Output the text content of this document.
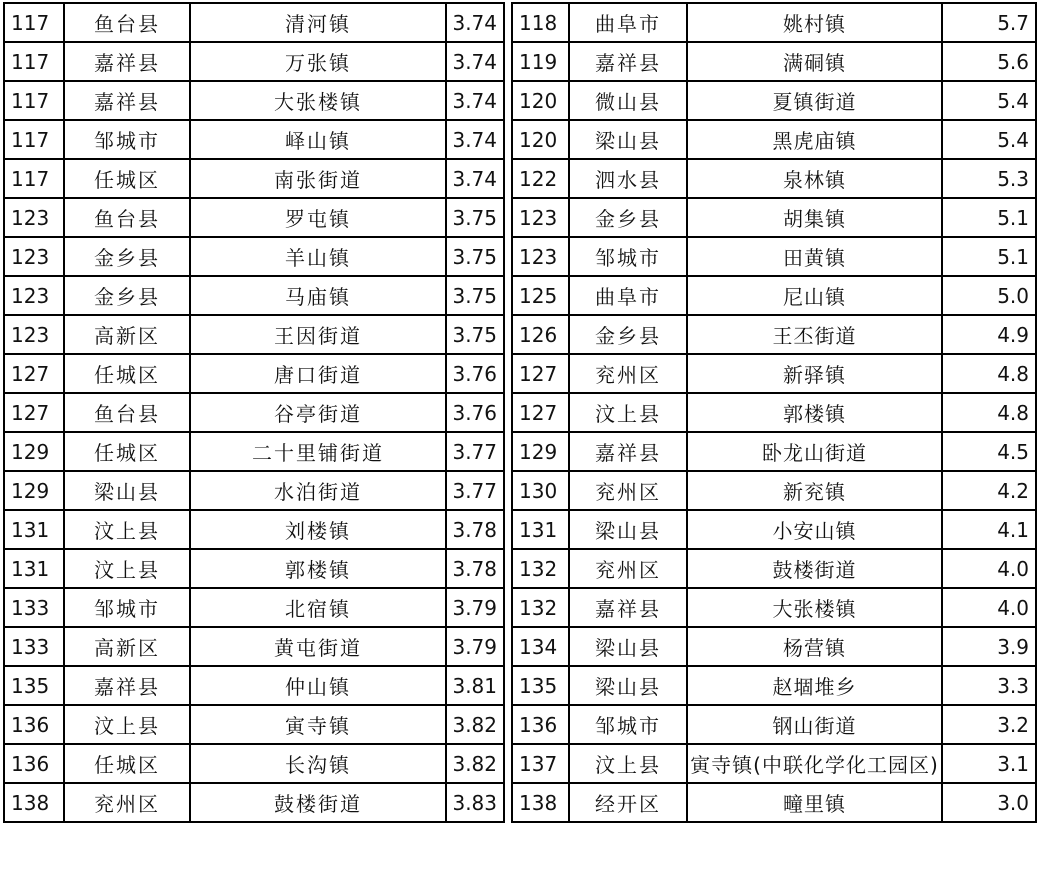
117	鱼台县	清河镇	3.74
117	嘉祥县	万张镇	3.74
117	嘉祥县	大张楼镇	3.74
117	邹城市	峄山镇	3.74
117	任城区	南张街道	3.74
123	鱼台县	罗屯镇	3.75
123	金乡县	羊山镇	3.75
123	金乡县	马庙镇	3.75
123	高新区	王因街道	3.75
127	任城区	唐口街道	3.76
127	鱼台县	谷亭街道	3.76
129	任城区	二十里铺街道	3.77
129	梁山县	水泊街道	3.77
131	汶上县	刘楼镇	3.78
131	汶上县	郭楼镇	3.78
133	邹城市	北宿镇	3.79
133	高新区	黄屯街道	3.79
135	嘉祥县	仲山镇	3.81
136	汶上县	寅寺镇	3.82
136	任城区	长沟镇	3.82
138	兖州区	鼓楼街道	3.83
118	曲阜市	姚村镇	5.7
119	嘉祥县	满硐镇	5.6
120	微山县	夏镇街道	5.4
120	梁山县	黑虎庙镇	5.4
122	泗水县	泉林镇	5.3
123	金乡县	胡集镇	5.1
123	邹城市	田黄镇	5.1
125	曲阜市	尼山镇	5.0
126	金乡县	王丕街道	4.9
127	兖州区	新驿镇	4.8
127	汶上县	郭楼镇	4.8
129	嘉祥县	卧龙山街道	4.5
130	兖州区	新兖镇	4.2
131	梁山县	小安山镇	4.1
132	兖州区	鼓楼街道	4.0
132	嘉祥县	大张楼镇	4.0
134	梁山县	杨营镇	3.9
135	梁山县	赵堌堆乡	3.3
136	邹城市	钢山街道	3.2
137	汶上县	寅寺镇(中联化学化工园区)	3.1
138	经开区	疃里镇	3.0
